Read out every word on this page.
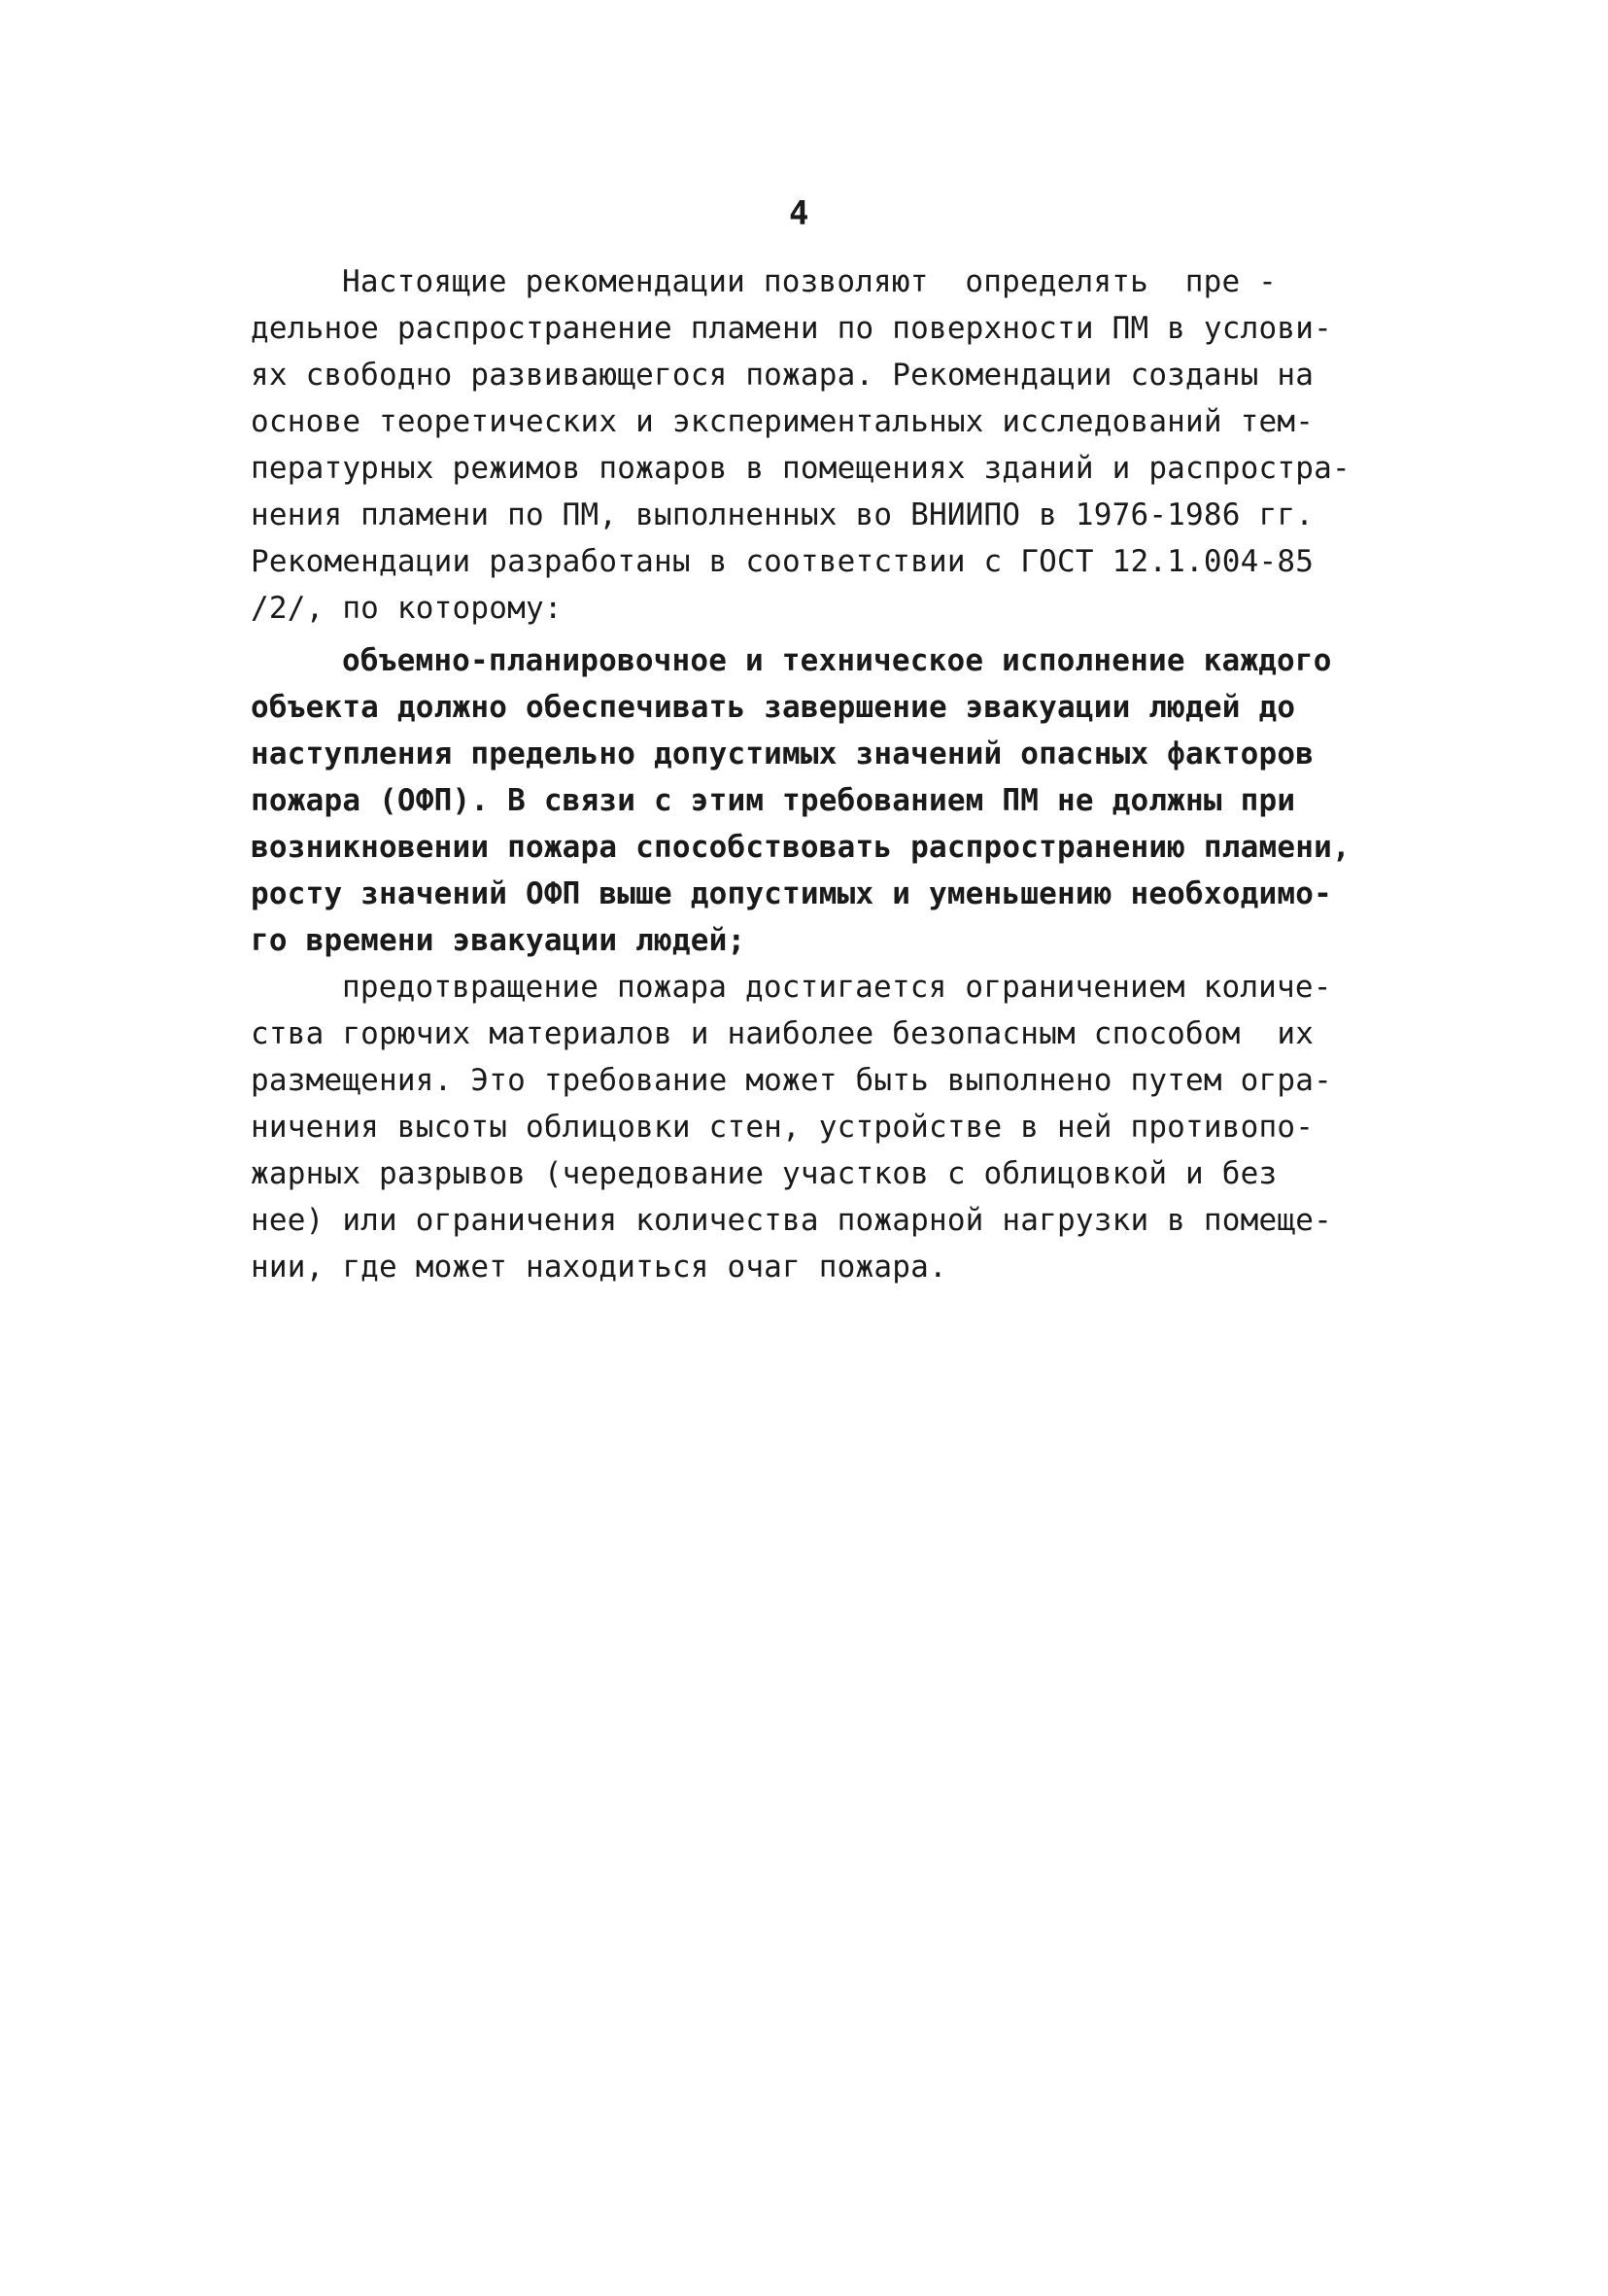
4
Настоящие рекомендации позволяют  определять  пре -
дельное распространение пламени по поверхности ПМ в услови-
ях свободно развивающегося пожара. Рекомендации созданы на
основе теоретических и экспериментальных исследований тем-
пературных режимов пожаров в помещениях зданий и распростра-
нения пламени по ПМ, выполненных во ВНИИПО в 1976-1986 гг.
Рекомендации разработаны в соответствии с ГОСТ 12.1.004-85
/2/, по которому:
объемно-планировочное и техническое исполнение каждого
объекта должно обеспечивать завершение эвакуации людей до
наступления предельно допустимых значений опасных факторов
пожара (ОФП). В связи с этим требованием ПМ не должны при
возникновении пожара способствовать распространению пламени,
росту значений ОФП выше допустимых и уменьшению необходимо-
го времени эвакуации людей;
предотвращение пожара достигается ограничением количе-
ства горючих материалов и наиболее безопасным способом  их
размещения. Это требование может быть выполнено путем огра-
ничения высоты облицовки стен, устройстве в ней противопо-
жарных разрывов (чередование участков с облицовкой и без
нее) или ограничения количества пожарной нагрузки в помеще-
нии, где может находиться очаг пожара.
